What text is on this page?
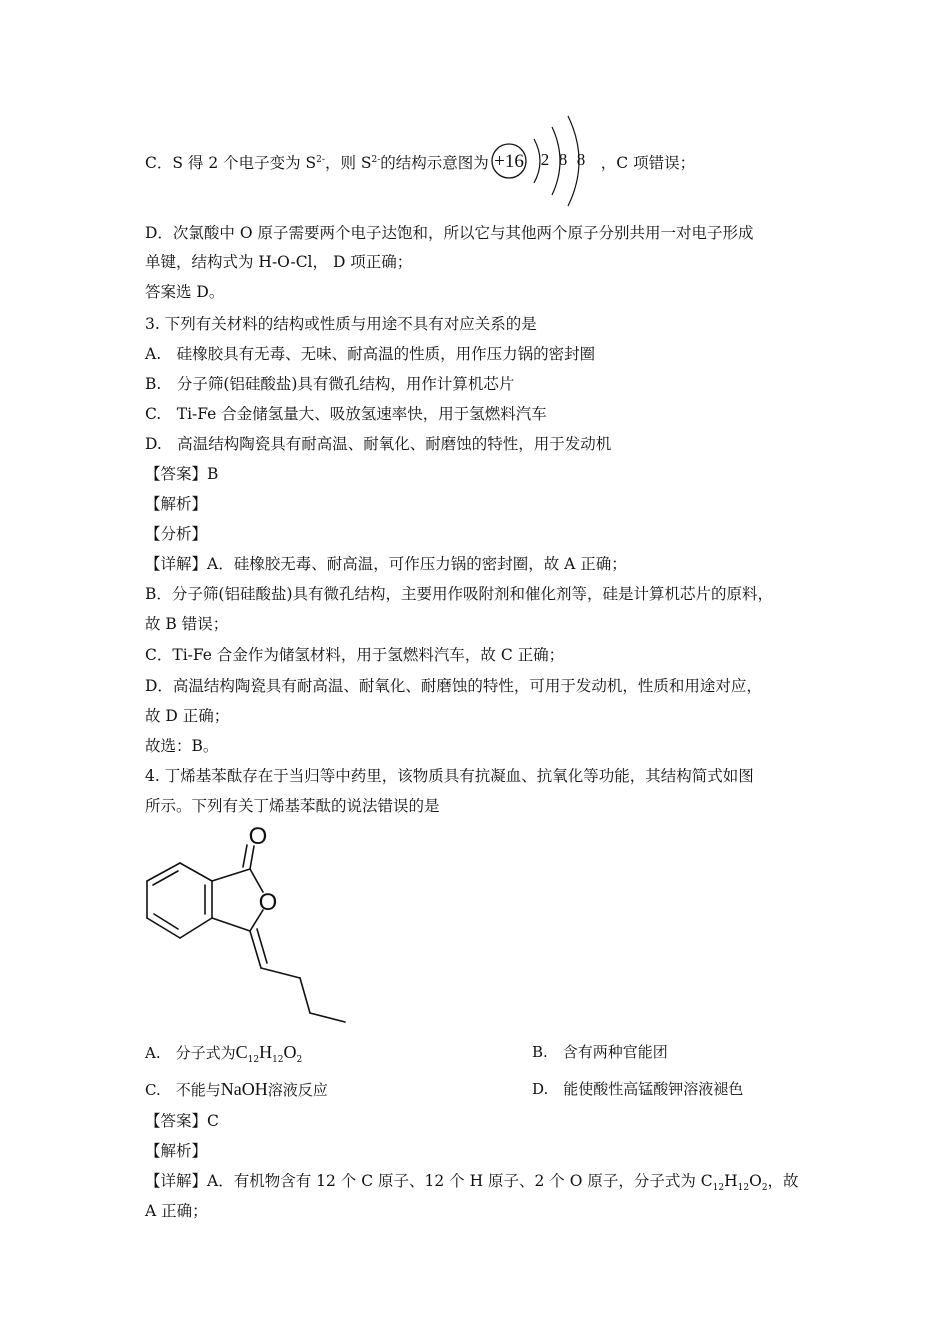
C．S 得 2 个电子变为 $S^{2-}$，则 $S^{2-}$的结构示意图为	，C 项错误；
+16 2 8 8
D．次氯酸中 O 原子需要两个电子达饱和，所以它与其他两个原子分别共用一对电子形成
单键，结构式为 H-O-Cl， D 项正确；
答案选 D。
3. 下列有关材料的结构或性质与用途不具有对应关系的是
A.　硅橡胶具有无毒、无味、耐高温的性质，用作压力锅的密封圈
B.　分子筛(铝硅酸盐)具有微孔结构，用作计算机芯片
C.　Ti-Fe 合金储氢量大、吸放氢速率快，用于氢燃料汽车
D.　高温结构陶瓷具有耐高温、耐氧化、耐磨蚀的特性，用于发动机
【答案】B
【解析】
【分析】
【详解】A．硅橡胶无毒、耐高温，可作压力锅的密封圈，故 A 正确；
B．分子筛(铝硅酸盐)具有微孔结构，主要用作吸附剂和催化剂等，硅是计算机芯片的原料，
故 B 错误；
C．Ti-Fe 合金作为储氢材料，用于氢燃料汽车，故 C 正确；
D．高温结构陶瓷具有耐高温、耐氧化、耐磨蚀的特性，可用于发动机，性质和用途对应，
故 D 正确；
故选：B。
4. 丁烯基苯酞存在于当归等中药里，该物质具有抗凝血、抗氧化等功能，其结构简式如图
所示。下列有关丁烯基苯酞的说法错误的是
O
O
A.　分子式为$C_{12}H_{12}O_2$	B.　含有两种官能团
C.　不能与NaOH溶液反应	D.　能使酸性高锰酸钾溶液褪色
【答案】C
【解析】
【详解】A．有机物含有 12 个 C 原子、12 个 H 原子、2 个 O 原子，分子式为 $C_{12}H_{12}O_2$，故
A 正确；
